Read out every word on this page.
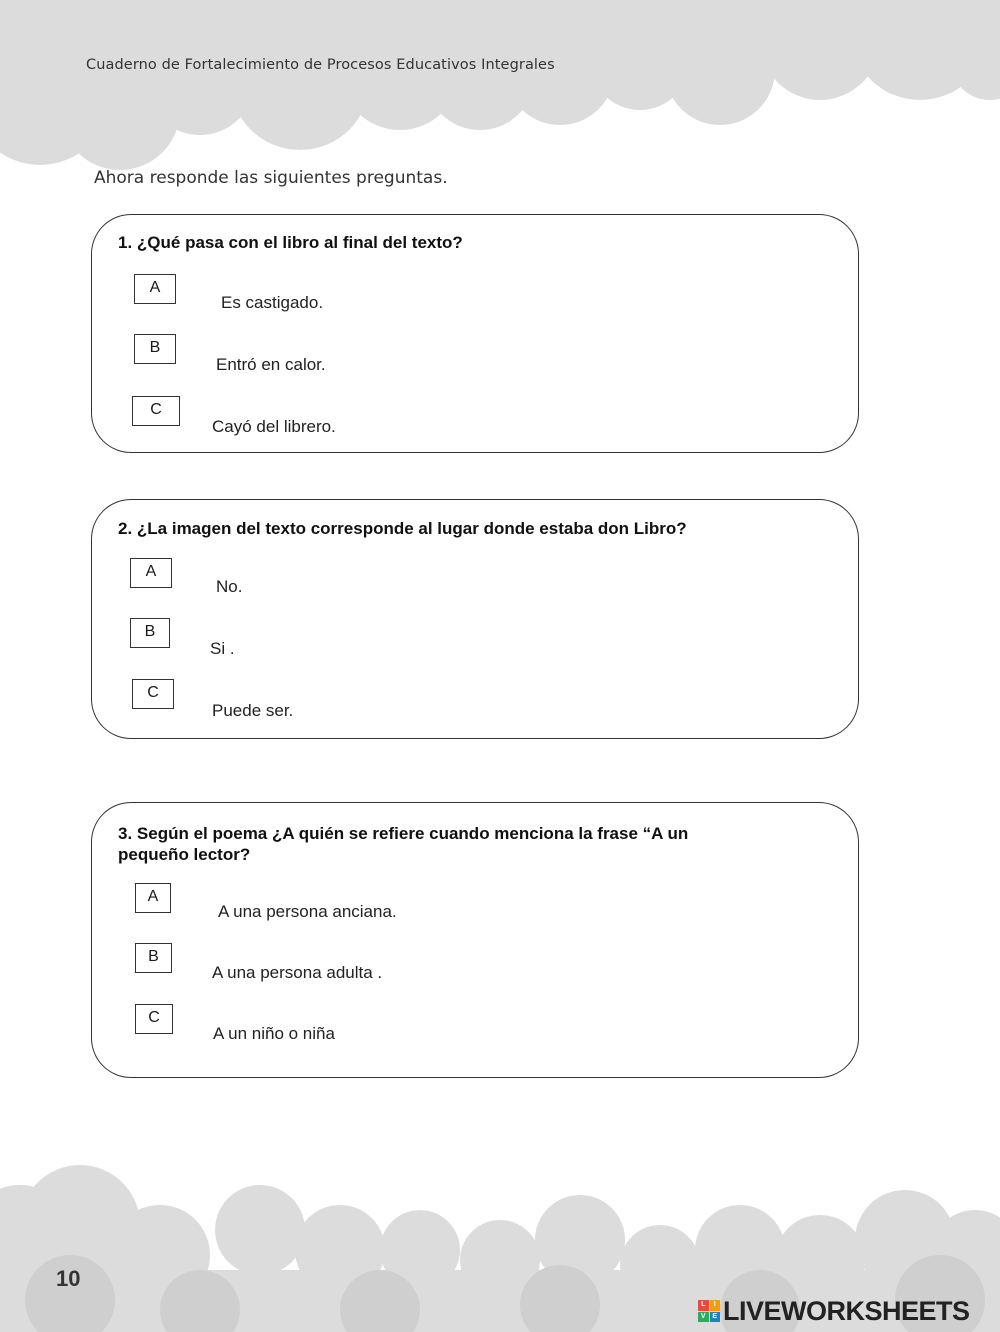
Cuaderno de Fortalecimiento de Procesos Educativos Integrales
Ahora responde las siguientes preguntas.
1. ¿Qué pasa con el libro al final del texto?
A
Es castigado.
B
Entró en calor.
C
Cayó del librero.
2. ¿La imagen del texto corresponde al lugar donde estaba don Libro?
A
No.
B
Si .
C
Puede ser.
3. Según el poema ¿A quién se refiere cuando menciona la frase “A un
pequeño lector?
A
A una persona anciana.
B
A una persona adulta .
C
A un niño o niña
10
L	I
V E LIVEWORKSHEETS
